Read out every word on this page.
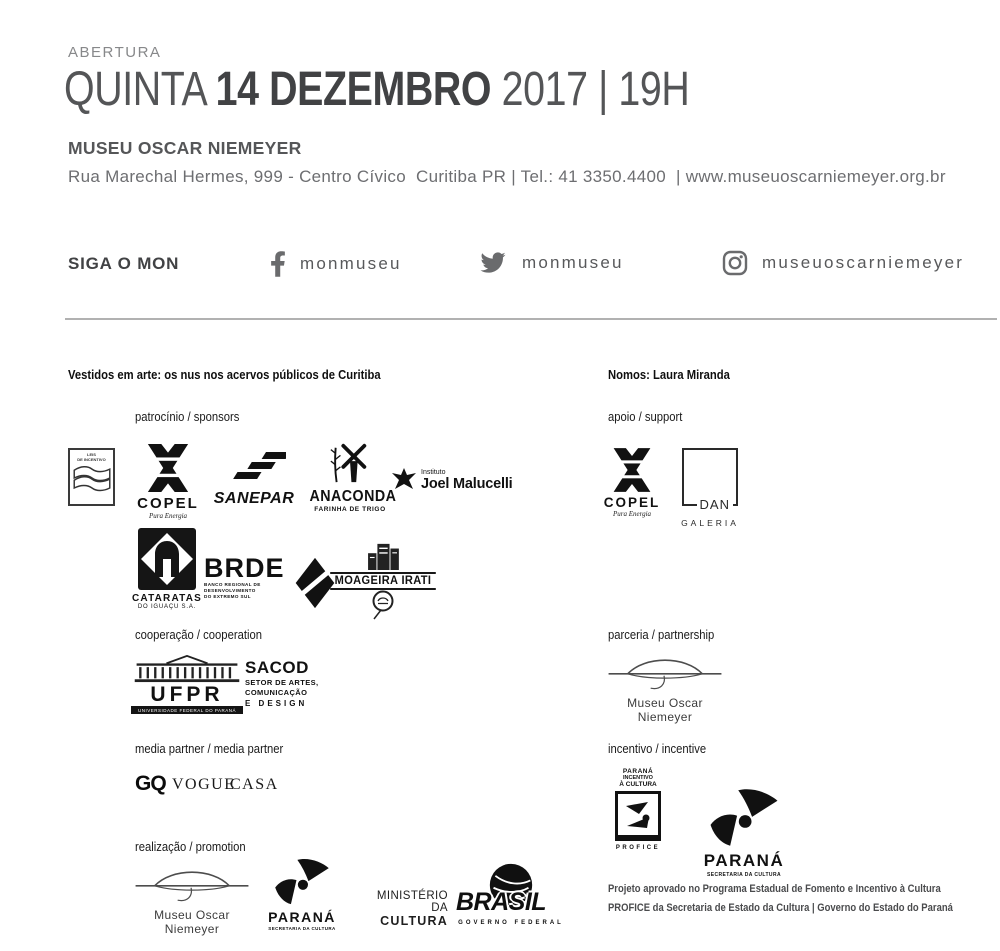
ABERTURA
QUINTA 14 DEZEMBRO 2017 | 19H
MUSEU OSCAR NIEMEYER
Rua Marechal Hermes, 999 - Centro Cívico  Curitiba PR | Tel.: 41 3350.4400  | www.museuoscarniemeyer.org.br
SIGA O MON	monmuseu	monmuseu	museuoscarniemeyer
Vestidos em arte: os nus nos acervos públicos de Curitiba	Nomos: Laura Miranda
patrocínio / sponsors	apoio / support
cooperação / cooperation	parceria / partnership
media partner / media partner	incentivo / incentive
realização / promotion
LEIS
DE INCENTIVO
COPEL
Pura Energia
SANEPAR ANACONDA
FARINHA DE TRIGO
Instituto
Joel Malucelli
CATARATAS
DO IGUAÇU S.A.
BRDE
BANCO REGIONAL DE
DESENVOLVIMENTO
DO EXTREMO SUL
MOAGEIRA IRATI
UFPR
UNIVERSIDADE FEDERAL DO PARANÁ
SACOD
SETOR DE ARTES,
COMUNICAÇÃO
E DESIGN
GQ VOGUE
CASA
Museu Oscar Niemeyer
PARANÁ
SECRETARIA DA CULTURA
MINISTÉRIO DA
CULTURA
BRASIL
GOVERNO FEDERAL
COPEL
Pura Energia
DAN
GALERIA
Museu Oscar Niemeyer
PARANÁ
INCENTIVO
À CULTURA
PROFICE
PARANÁ
SECRETARIA DA CULTURA
Projeto aprovado no Programa Estadual de Fomento e Incentivo à Cultura
PROFICE da Secretaria de Estado da Cultura | Governo do Estado do Paraná
